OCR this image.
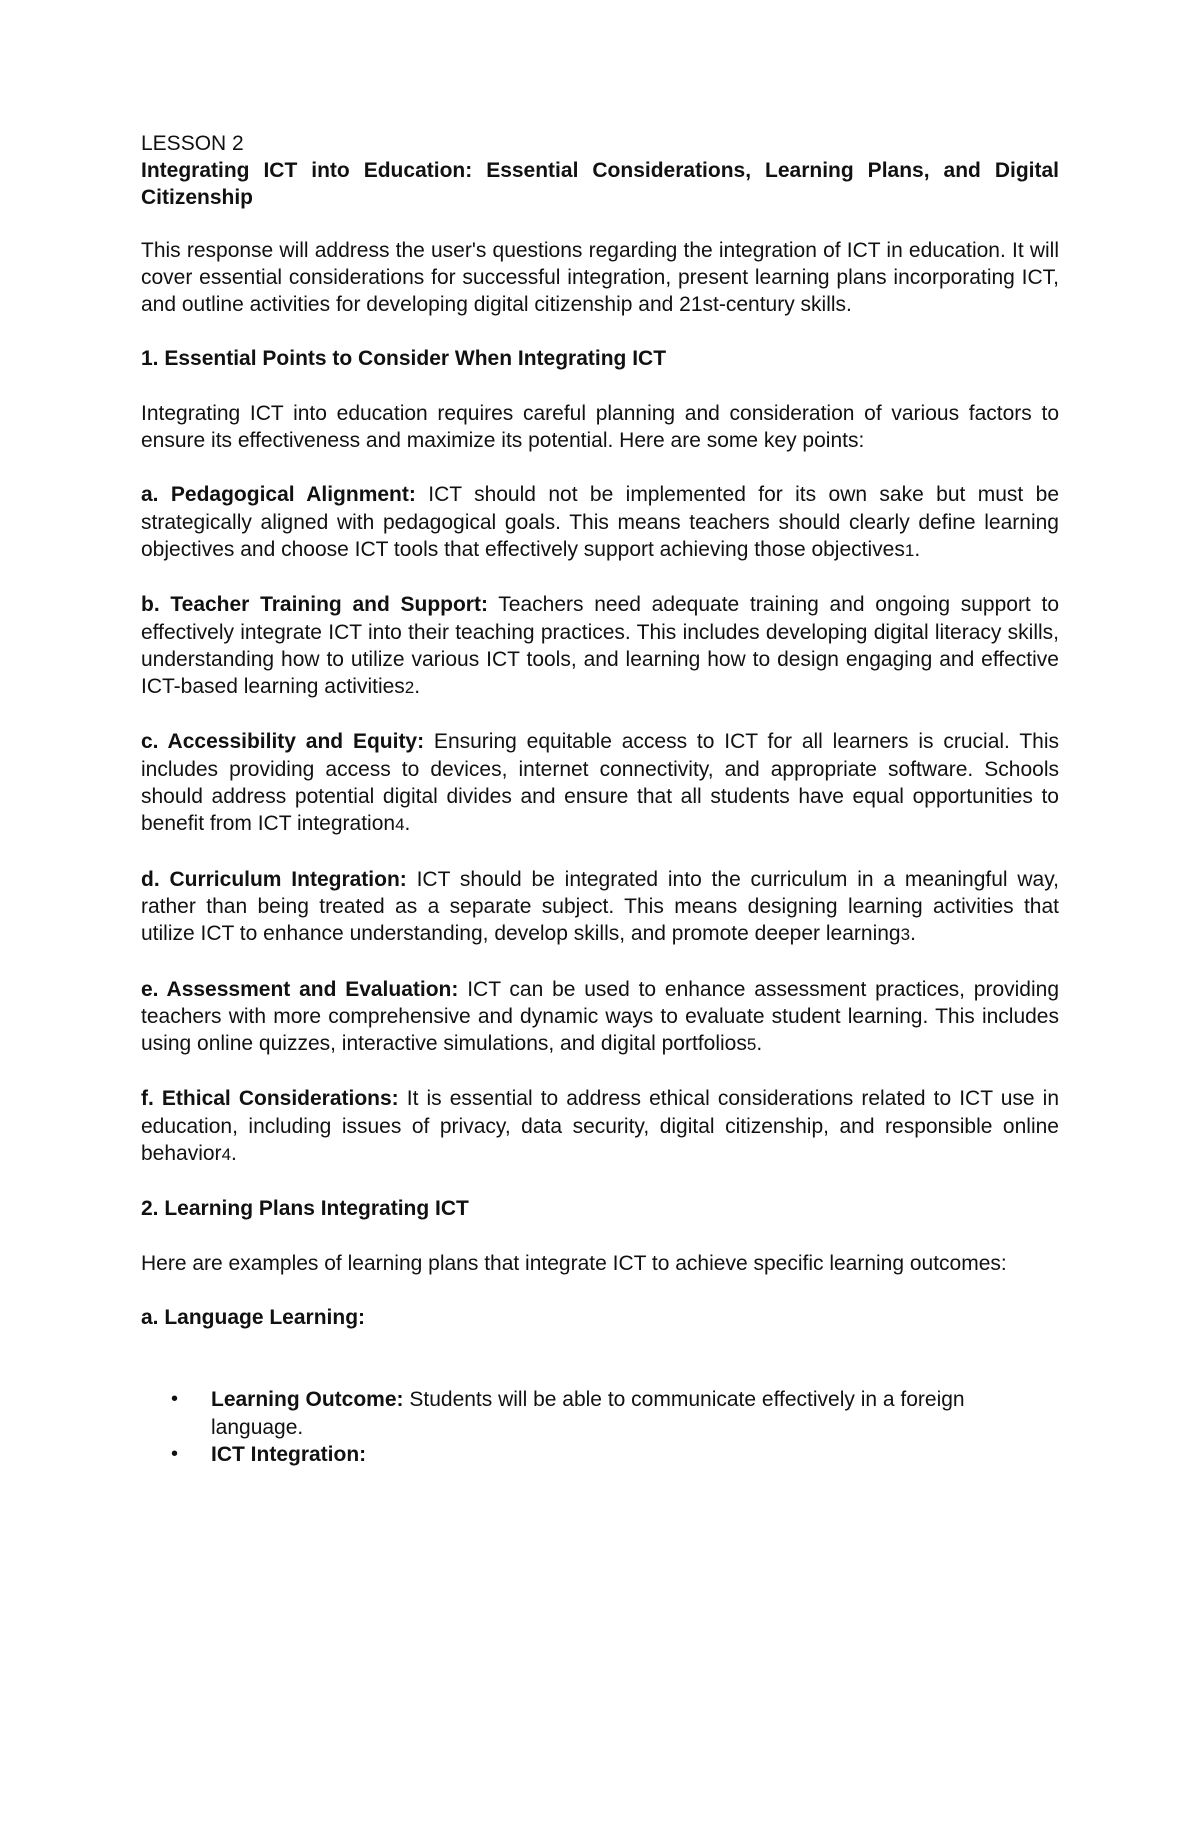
LESSON 2

Integrating ICT into Education: Essential Considerations, Learning Plans, and Digital Citizenship

This response will address the user's questions regarding the integration of ICT in education. It will cover essential considerations for successful integration, present learning plans incorporating ICT, and outline activities for developing digital citizenship and 21st-century skills.

1. Essential Points to Consider When Integrating ICT

Integrating ICT into education requires careful planning and consideration of various factors to ensure its effectiveness and maximize its potential. Here are some key points:

a. Pedagogical Alignment: ICT should not be implemented for its own sake but must be strategically aligned with pedagogical goals. This means teachers should clearly define learning objectives and choose ICT tools that effectively support achieving those objectives1.

b. Teacher Training and Support: Teachers need adequate training and ongoing support to effectively integrate ICT into their teaching practices. This includes developing digital literacy skills, understanding how to utilize various ICT tools, and learning how to design engaging and effective ICT-based learning activities2.

c. Accessibility and Equity: Ensuring equitable access to ICT for all learners is crucial. This includes providing access to devices, internet connectivity, and appropriate software. Schools should address potential digital divides and ensure that all students have equal opportunities to benefit from ICT integration4.

d. Curriculum Integration: ICT should be integrated into the curriculum in a meaningful way, rather than being treated as a separate subject. This means designing learning activities that utilize ICT to enhance understanding, develop skills, and promote deeper learning3.

e. Assessment and Evaluation: ICT can be used to enhance assessment practices, providing teachers with more comprehensive and dynamic ways to evaluate student learning. This includes using online quizzes, interactive simulations, and digital portfolios5.

f. Ethical Considerations: It is essential to address ethical considerations related to ICT use in education, including issues of privacy, data security, digital citizenship, and responsible online behavior4.

2. Learning Plans Integrating ICT

Here are examples of learning plans that integrate ICT to achieve specific learning outcomes:

a. Language Learning:

• Learning Outcome: Students will be able to communicate effectively in a foreign language.
• ICT Integration:
